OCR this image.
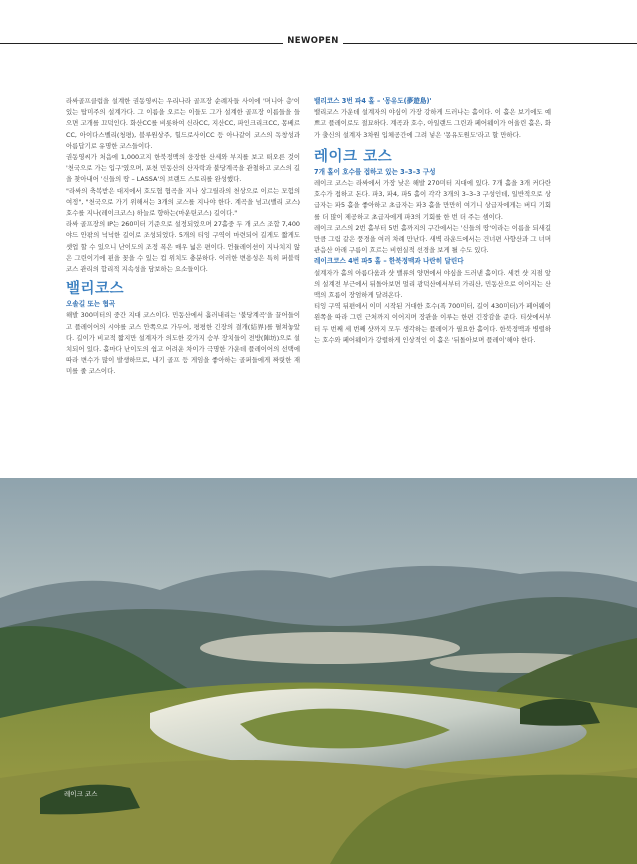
NEWOPEN

라싸골프클럽을 설계한 권동영씨는 우리나라 골프장 순례자들 사이에 '머니아 층'이 있는 탑미주의 설계가다. 그 이름을 오르는 이들도 그가 설계한 골프장 이름들을 들으면 고개를 끄덕인다. 화산CC를 비롯하여 신라CC, 지산CC, 파인크리크CC, 몽베르CC, 아이다스벨리(청평), 블루원상주, 힐드로사이CC 등 아나같이 코스의 독창성과 아름답기로 유명한 코스들이다.

권동영씨가 처음에 1,000고지 한북정맥의 웅장한 산세와 부지를 보고 떠오른 것이 '천국으로 가는 입구'였으며, 포천 민동산의 산자락과 불당계곡을 관철하고 코스의 길을 찾아내어 '신들의 땅 – LASSA'의 브랜드 스토리를 완성했다.

"라싸의 축복받은 대지에서 호도협 협곡을 지나 상그릴라의 천상으로 이르는 모험의 여정", "천국으로 가기 위해서는 3개의 코스를 지나야 한다. 계곡을 넘고(밸리 코스) 호수를 지나(레이크코스) 하늘로 향하는(마운틴코스) 길이다."

라싸 골프장의 IP는 260미터 기준으로 설정되었으며 27홀중 두 개 코스 조합 7,400야드 안팎의 넉넉한 길이로 조성되었다. 5개의 티잉 구역이 마련되어 길게도 짧게도 셋업 할 수 있으니 난이도의 조정 폭은 매우 넓은 편이다. 언듈레이션이 지나치지 않은 그린이기에 핀을 꽂을 수 있는 컵 위치도 충분하다. 이러한 변용성은 특히 퍼블릭 코스 관리의 합리적 지속성을 담보하는 요소들이다.

밸리코스

오솔길 또는 협곡

해발 300미터의 중간 지대 코스이다. 민동산에서 흘러내리는 '불당계곡'을 끌어들이고 플레이어의 시야를 코스 안쪽으로 가두어, 평평한 긴장의 결개(結界)를 펼쳐놓았다. 길이가 비교적 짧지만 설계자가 의도한 갖가지 승부 장치들이 전방(陣坊)으로 설치되어 있다. 홀마다 난이도의 쉽고 어려운 차이가 극명한 가운데 플레이어의 선택에 따라 변수가 많이 발생하므로, 내기 골프 등 게임을 좋아하는 골퍼들에게 짜릿한 재미를 줄 코스이다.

밸리코스 3번 파4 홀 – '몽유도(夢遊島)'

밸리코스 가운데 설계자의 야심이 가장 강하게 드러나는 홀이다. 이 홀은 보기에도 예쁘고 플레이로도 절묘하다. 계곡과 호수, 아일랜드 그린과 페어웨이가 어울린 홀은, 화가 출신의 설계자 3차원 입체공간에 그려 넣은 '몽유도원도'라고 할 만하다.

레이크 코스

7개 홀이 호수를 접하고 있는 3–3–3 구성

레이크 코스는 라싸에서 가장 낮은 해발 270미터 지대에 있다. 7개 홀을 3개 커다란 호수가 접하고 돈다. 파3, 파4, 파5 홀이 각각 3개의 3–3–3 구성인데, 일반적으로 상급자는 파5 홀을 좋아하고 초급자는 파3 홀을 만만히 여기니 상급자에게는 버디 기회를 더 많이 제공하고 초급자에게 파3의 기회를 한 번 더 주는 셈이다.

레이크 코스의 2번 홀부터 5번 홀까지의 구간에서는 '신들의 땅'이라는 이름을 되새길 만큼 그림 같은 풍경을 여러 차례 만난다. 새벽 라운드에서는 건너편 사향산과 그 너머 관음산 아래 구름이 흐르는 비현실적 선경을 보게 될 수도 있다.

레이크코스 4번 파5 홀 – 한북정맥과 나란히 달린다

설계자가 홀의 아름다움과 샷 밸류의 양면에서 야심을 드러낸 홀이다. 세컨 샷 지점 앞의 설계전 부근에서 뒤돌아보면 멀리 광덕산에서부터 가리산, 민동산으로 이어지는 산맥의 흐름이 장엄하게 달려온다.

티잉 구역 뒤편에서 이미 시작된 거대한 호수(폭 700미터, 길이 430미터)가 페어웨이 왼쪽을 따라 그린 근처까지 이어지며 장관을 이루는 한편 긴장감을 준다. 티샷에서부터 두 번째 세 번째 샷까지 모두 생각하는 플레이가 필요한 홀이다. 한북정맥과 병렬하는 호수와 페어웨이가 강렬하게 인상적인 이 홀은 '뒤돌아보며 플레이'해야 한다.

레이크 코스
